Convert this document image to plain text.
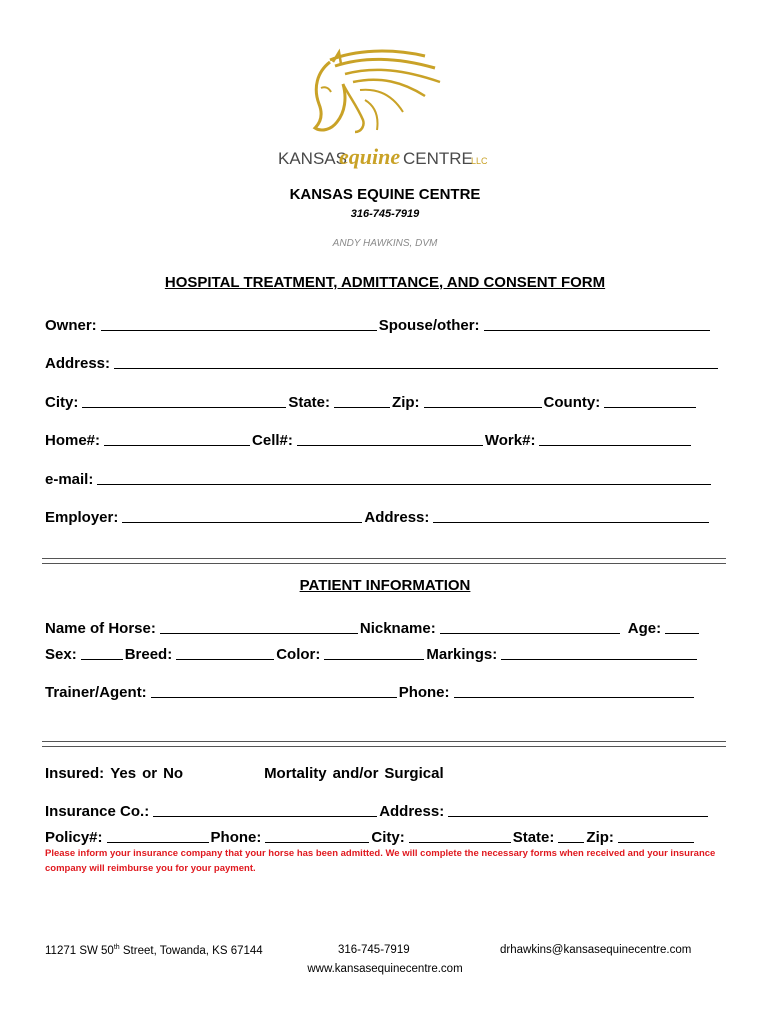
KANSAS
equine CENTRE
LLC
KANSAS EQUINE CENTRE
316-745-7919
ANDY HAWKINS, DVM
HOSPITAL TREATMENT, ADMITTANCE, AND CONSENT FORM
Owner:	Spouse/other:
Address:
City:	State:	Zip:	County:
Home#:	Cell#:	Work#:
e-mail:
Employer:	Address:
PATIENT INFORMATION
Name of Horse:	Nickname:	Age:
Sex:	Breed:	Color:	Markings:
Trainer/Agent:	Phone:
Insured: Yes or No	Mortality and/or Surgical
Insurance Co.:	Address:
Policy#:	Phone:	City:	State: Zip:
Please inform your insurance company that your horse has been admitted. We will complete the necessary forms when received and your insurance company will reimburse you for your payment.
11271 SW 50th Street, Towanda, KS 67144	316-745-7919	drhawkins@kansasequinecentre.com
www.kansasequinecentre.com
